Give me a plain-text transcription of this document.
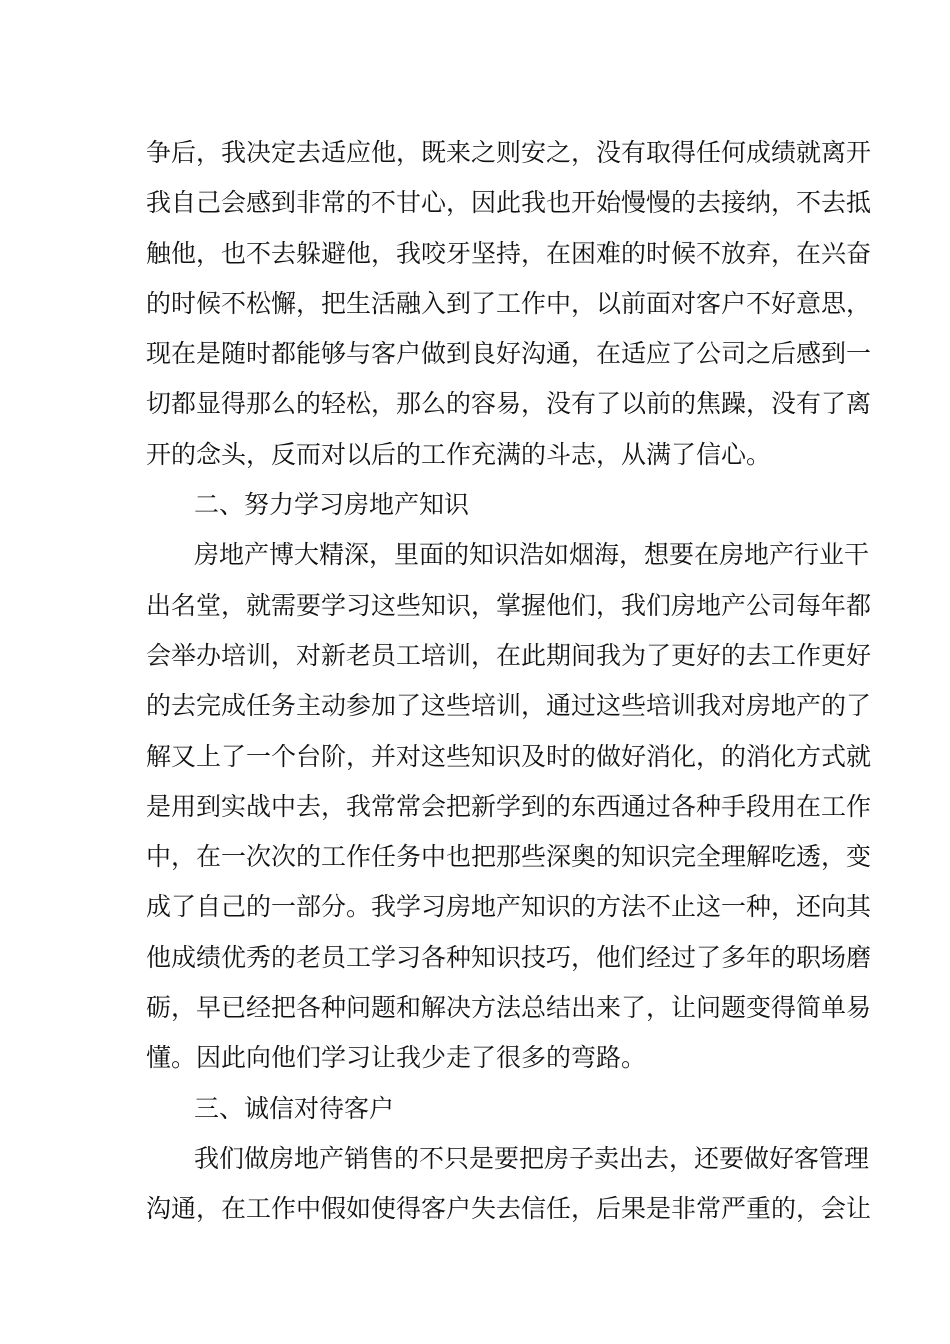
争后，我决定去适应他，既来之则安之，没有取得任何成绩就离开
我自己会感到非常的不甘心，因此我也开始慢慢的去接纳，不去抵
触他，也不去躲避他，我咬牙坚持，在困难的时候不放弃，在兴奋
的时候不松懈，把生活融入到了工作中，以前面对客户不好意思，
现在是随时都能够与客户做到良好沟通，在适应了公司之后感到一
切都显得那么的轻松，那么的容易，没有了以前的焦躁，没有了离
开的念头，反而对以后的工作充满的斗志，从满了信心。
二、努力学习房地产知识
房地产博大精深，里面的知识浩如烟海，想要在房地产行业干
出名堂，就需要学习这些知识，掌握他们，我们房地产公司每年都
会举办培训，对新老员工培训，在此期间我为了更好的去工作更好
的去完成任务主动参加了这些培训，通过这些培训我对房地产的了
解又上了一个台阶，并对这些知识及时的做好消化，的消化方式就
是用到实战中去，我常常会把新学到的东西通过各种手段用在工作
中，在一次次的工作任务中也把那些深奥的知识完全理解吃透，变
成了自己的一部分。我学习房地产知识的方法不止这一种，还向其
他成绩优秀的老员工学习各种知识技巧，他们经过了多年的职场磨
砺，早已经把各种问题和解决方法总结出来了，让问题变得简单易
懂。因此向他们学习让我少走了很多的弯路。
三、诚信对待客户
我们做房地产销售的不只是要把房子卖出去，还要做好客管理
沟通，在工作中假如使得客户失去信任，后果是非常严重的，会让
